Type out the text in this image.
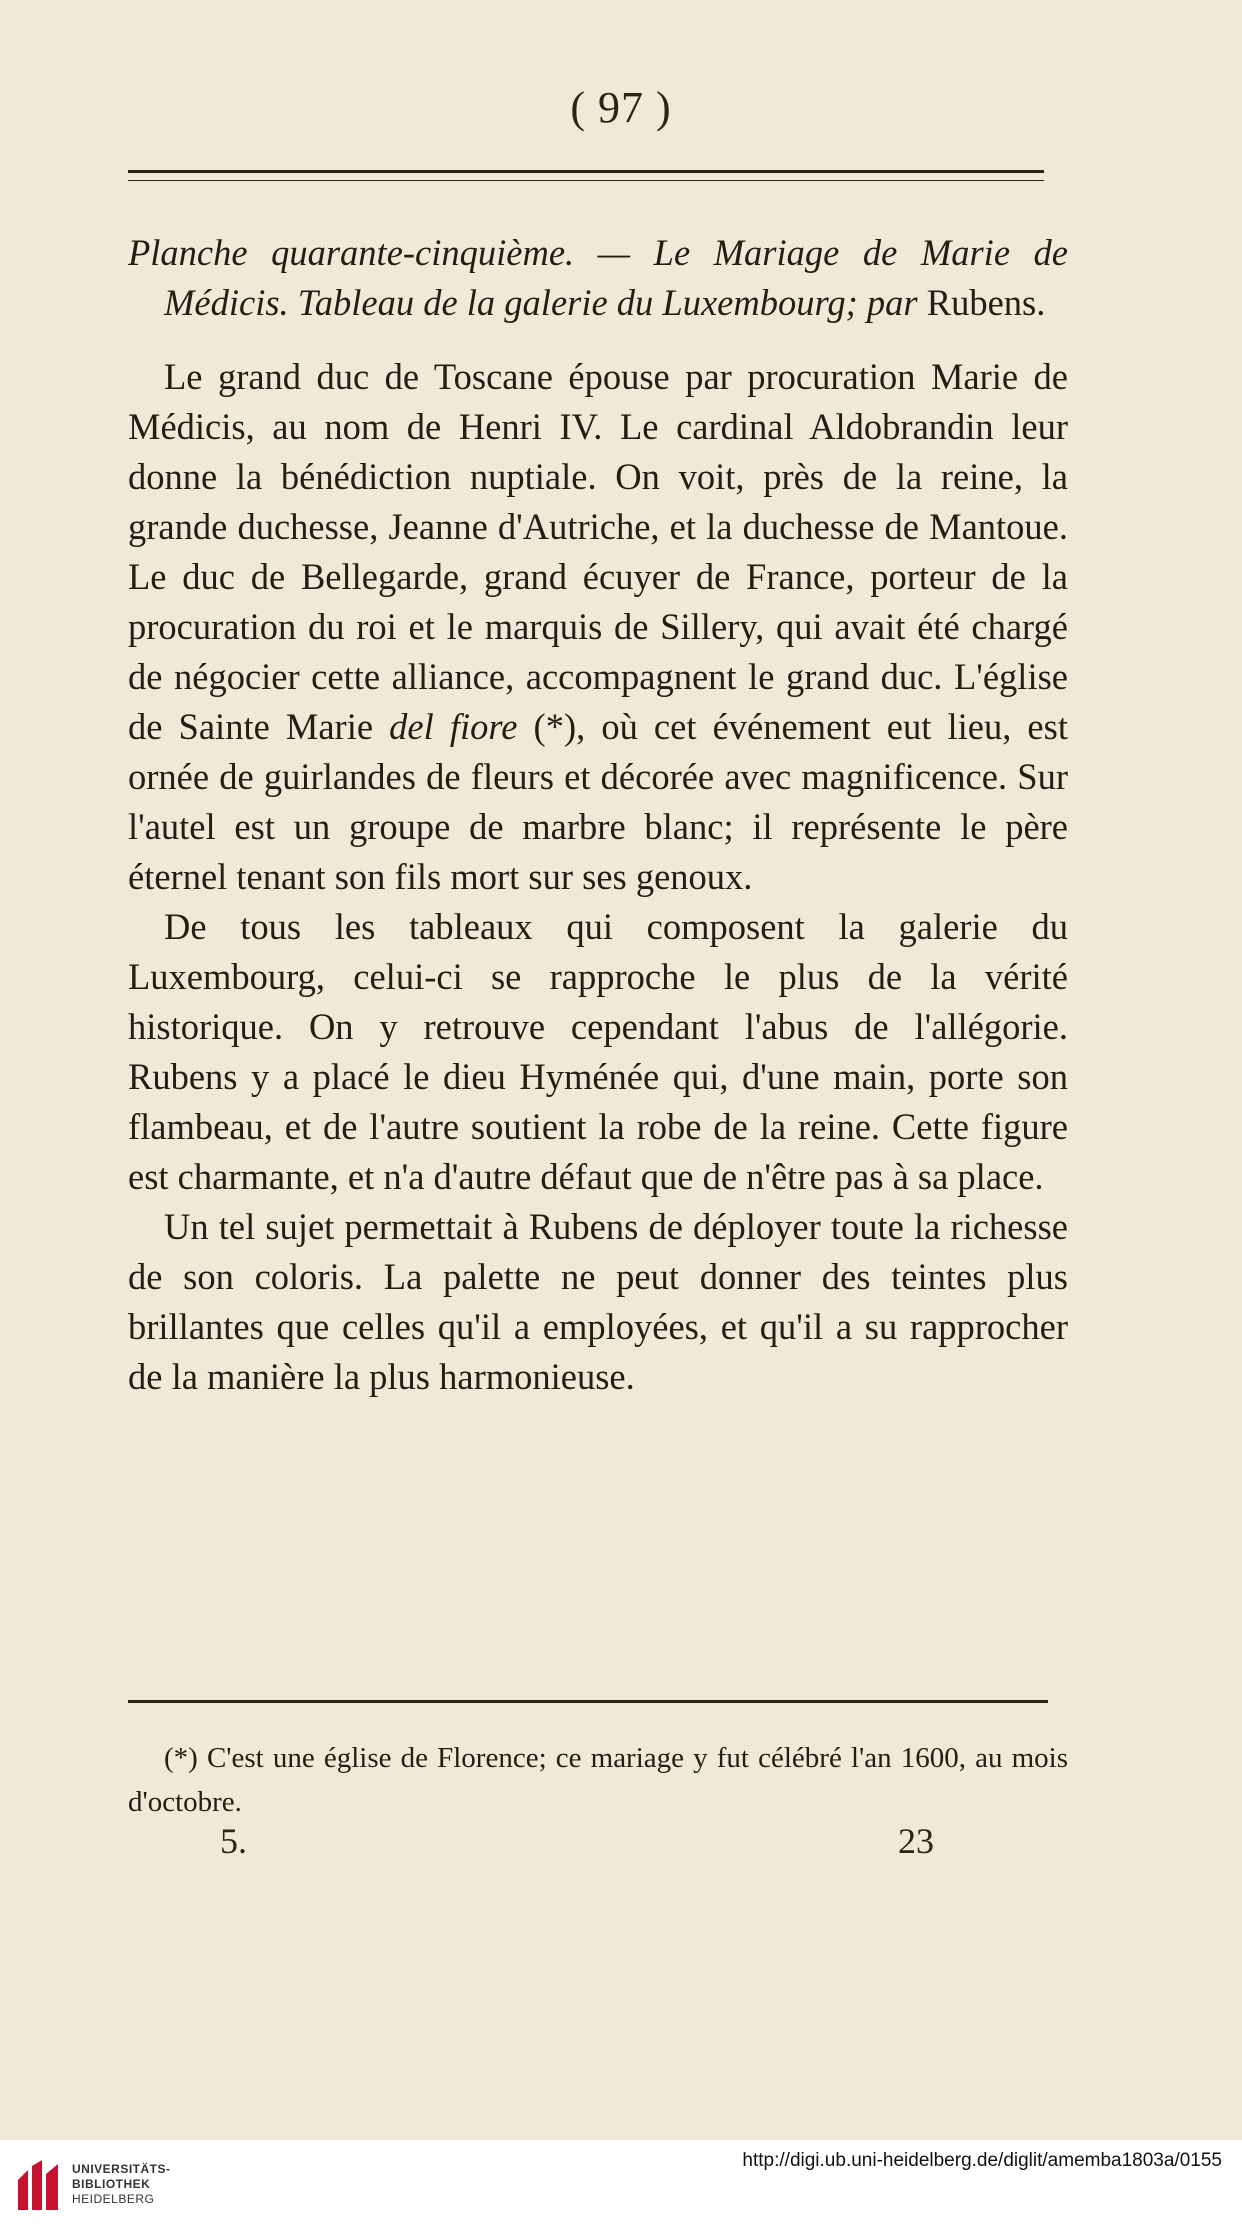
( 97 )

Planche quarante-cinquième. — Le Mariage de Marie de Médicis. Tableau de la galerie du Luxembourg; par Rubens.

Le grand duc de Toscane épouse par procuration Marie de Médicis, au nom de Henri IV. Le cardinal Aldobrandin leur donne la bénédiction nuptiale. On voit, près de la reine, la grande duchesse, Jeanne d'Autriche, et la duchesse de Mantoue. Le duc de Bellegarde, grand écuyer de France, porteur de la procuration du roi et le marquis de Sillery, qui avait été chargé de négocier cette alliance, accompagnent le grand duc. L'église de Sainte Marie del fiore (*), où cet événement eut lieu, est ornée de guirlandes de fleurs et décorée avec magnificence. Sur l'autel est un groupe de marbre blanc; il représente le père éternel tenant son fils mort sur ses genoux.

De tous les tableaux qui composent la galerie du Luxembourg, celui-ci se rapproche le plus de la vérité historique. On y retrouve cependant l'abus de l'allégorie. Rubens y a placé le dieu Hyménée qui, d'une main, porte son flambeau, et de l'autre soutient la robe de la reine. Cette figure est charmante, et n'a d'autre défaut que de n'être pas à sa place.

Un tel sujet permettait à Rubens de déployer toute la richesse de son coloris. La palette ne peut donner des teintes plus brillantes que celles qu'il a employées, et qu'il a su rapprocher de la manière la plus harmonieuse.

(*) C'est une église de Florence; ce mariage y fut célébré l'an 1600, au mois d'octobre.

5.	23
UNIVERSITÄTS-
BIBLIOTHEK
HEIDELBERG
http://digi.ub.uni-heidelberg.de/diglit/amemba1803a/0155
